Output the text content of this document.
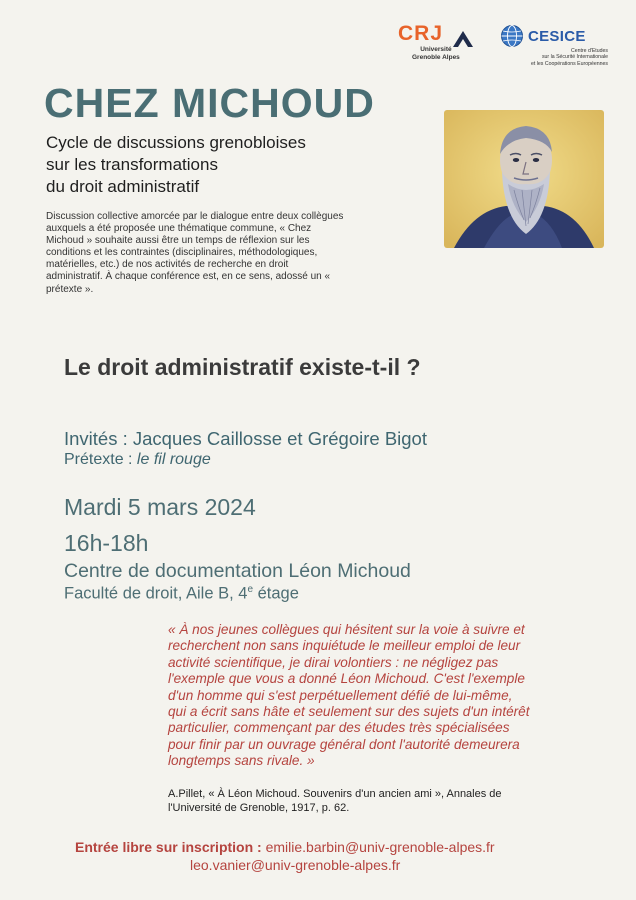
CRJ
Université
Grenoble Alpes
CESICE
Centre d'Etudes
sur la Sécurité Internationale
et les Coopérations Européennes
CHEZ MICHOUD
Cycle de discussions grenobloises
sur les transformations
du droit administratif
Discussion collective amorcée par le dialogue entre deux collègues auxquels a été proposée une thématique commune, « Chez Michoud » souhaite aussi être un temps de réflexion sur les conditions et les contraintes (disciplinaires, méthodologiques, matérielles, etc.) de nos activités de recherche en droit administratif. À chaque conférence est, en ce sens, adossé un « prétexte ».
Le droit administratif existe-t-il ?
Invités : Jacques Caillosse et Grégoire Bigot
Prétexte : le fil rouge
Mardi 5 mars 2024
16h-18h
Centre de documentation Léon Michoud
Faculté de droit, Aile B, 4e étage
« À nos jeunes collègues qui hésitent sur la voie à suivre et
recherchent non sans inquiétude le meilleur emploi de leur
activité scientifique, je dirai volontiers : ne négligez pas
l'exemple que vous a donné Léon Michoud. C'est l'exemple
d'un homme qui s'est perpétuellement défié de lui-même,
qui a écrit sans hâte et seulement sur des sujets d'un intérêt
particulier, commençant par des études très spécialisées
pour finir par un ouvrage général dont l'autorité demeurera
longtemps sans rivale. »
A.Pillet, « À Léon Michoud. Souvenirs d'un ancien ami », Annales de
l'Université de Grenoble, 1917, p. 62.
Entrée libre sur inscription : emilie.barbin@univ-grenoble-alpes.fr
leo.vanier@univ-grenoble-alpes.fr
